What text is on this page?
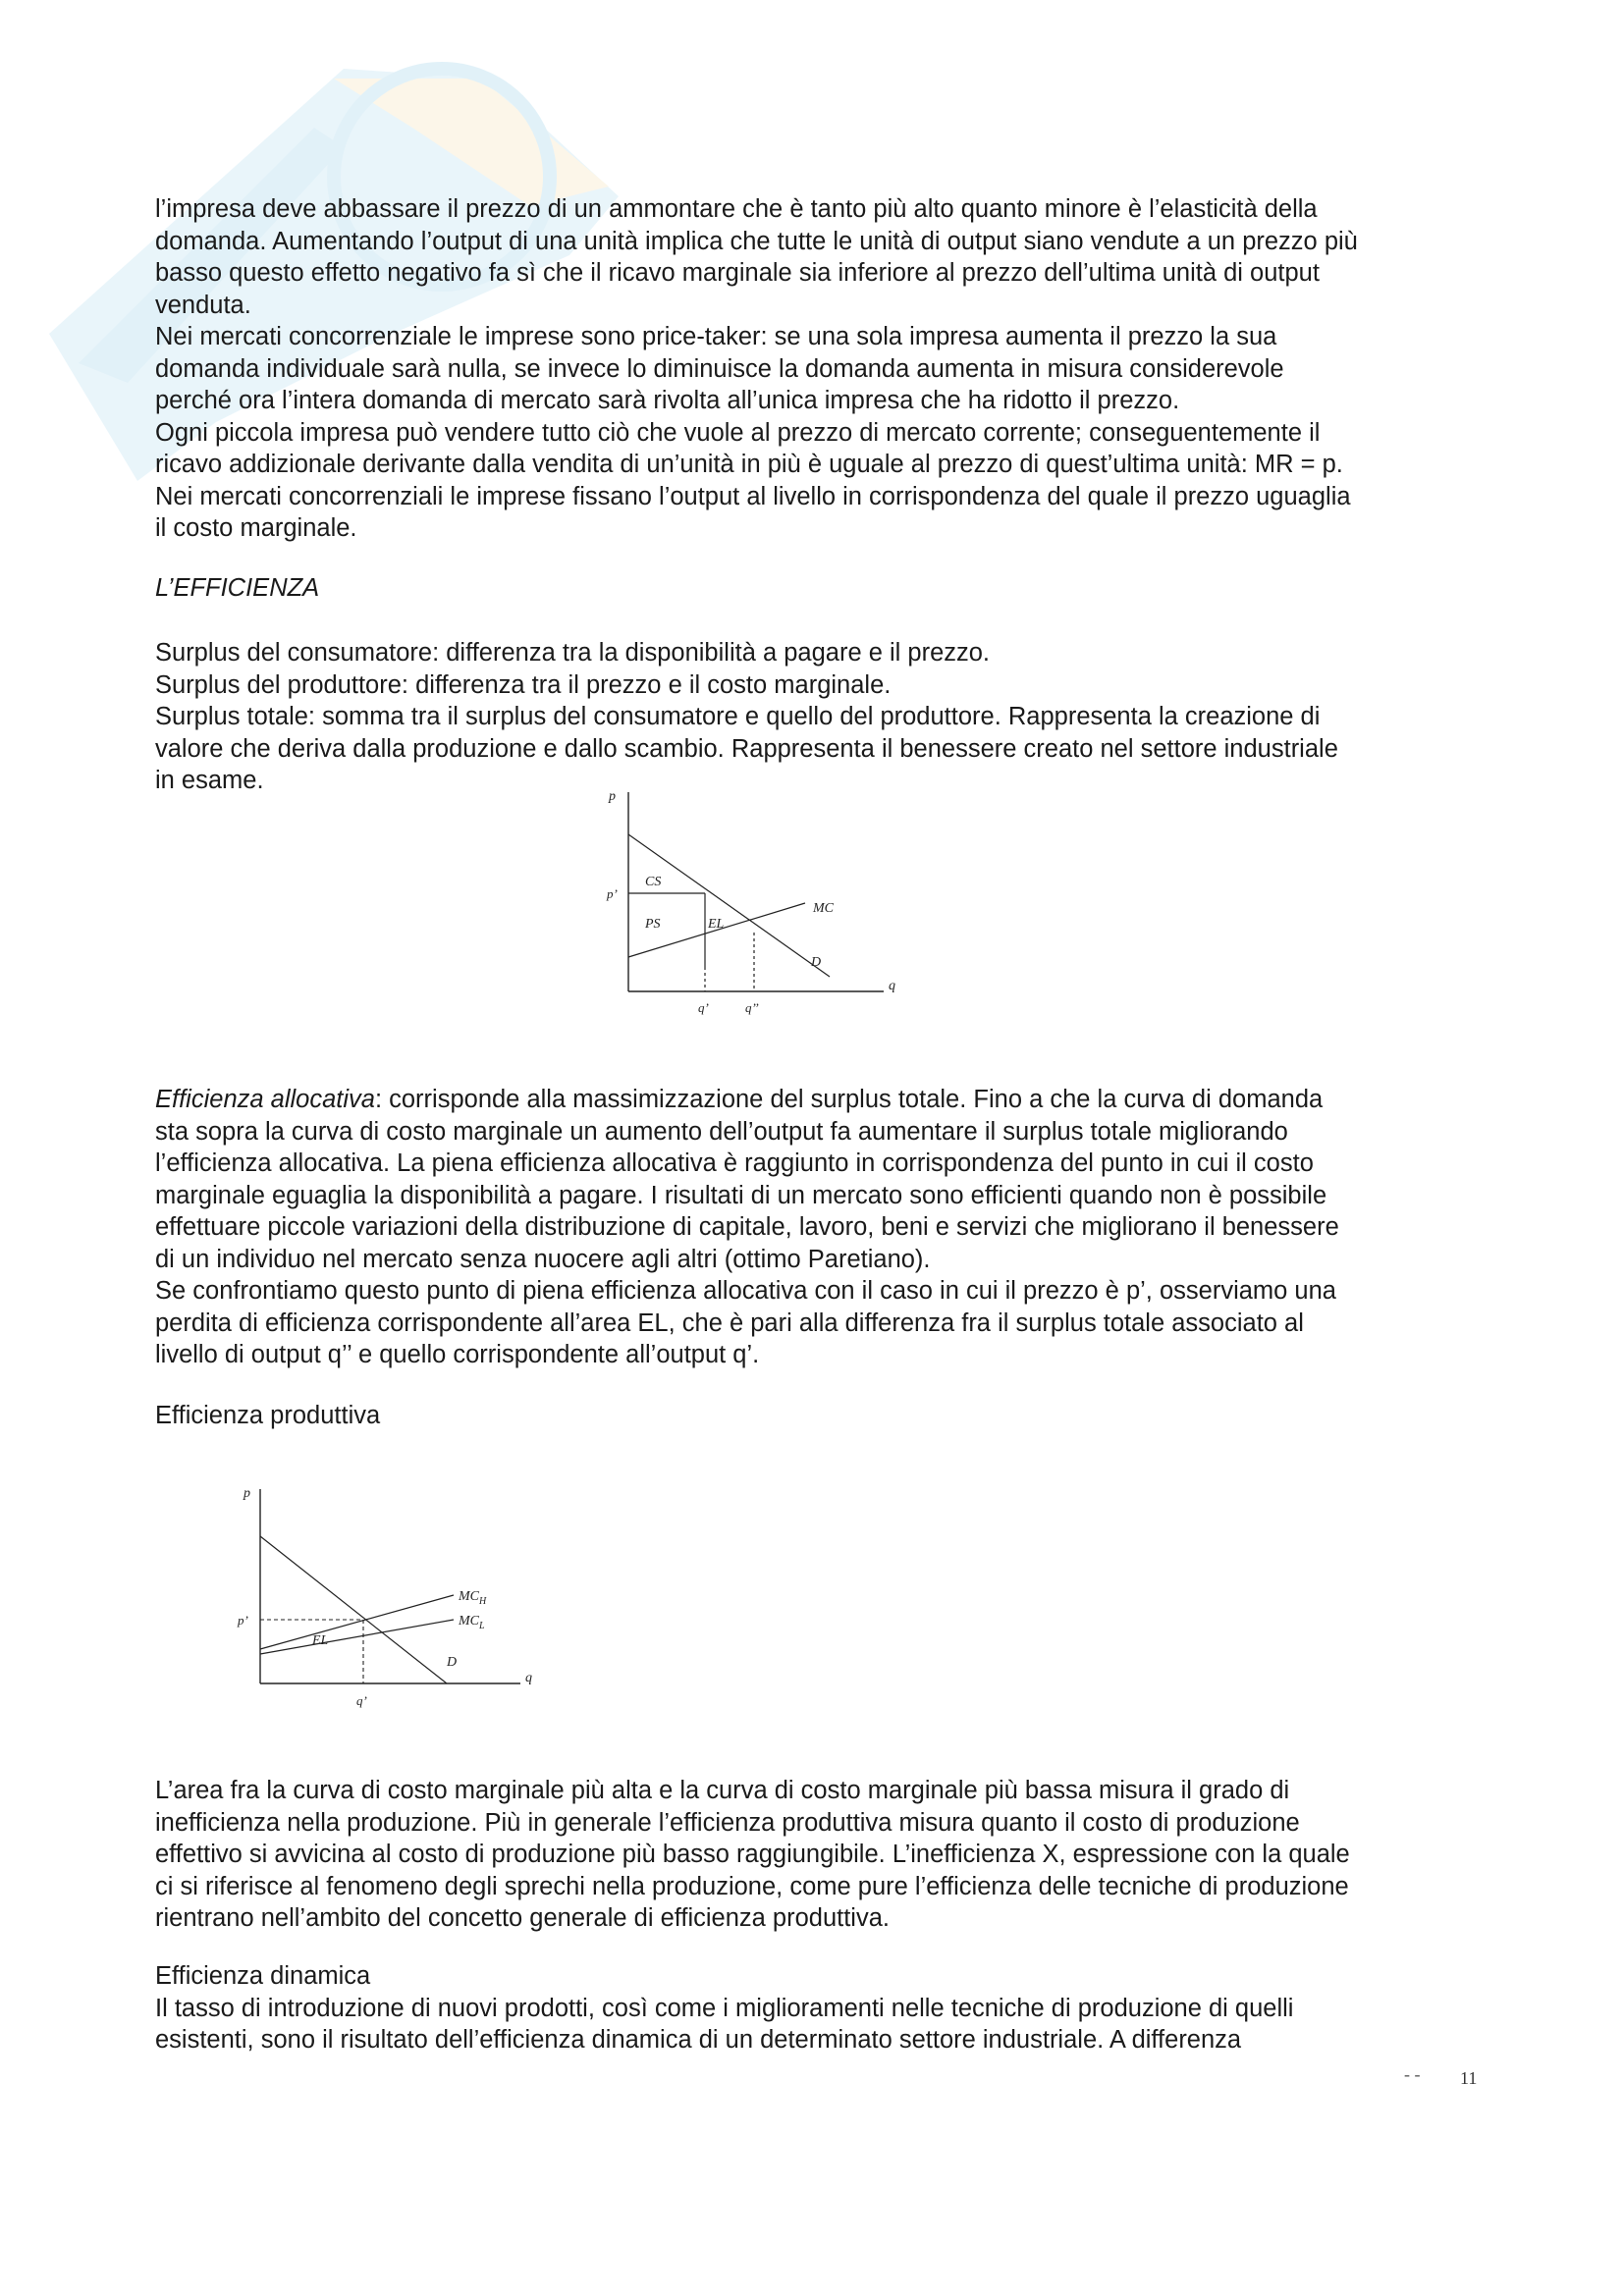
l’impresa deve abbassare il prezzo di un ammontare che è tanto più alto quanto minore è l’elasticità della

domanda. Aumentando l’output di una unità implica che tutte le unità di output siano vendute a un prezzo più

basso questo effetto negativo fa sì che il ricavo marginale sia inferiore al prezzo dell’ultima unità di output

venduta.

Nei mercati concorrenziale le imprese sono price-taker: se una sola impresa aumenta il prezzo la sua

domanda individuale sarà nulla, se invece lo diminuisce la domanda aumenta in misura considerevole

perché ora l’intera domanda di mercato sarà rivolta all’unica impresa che ha ridotto il prezzo.

Ogni piccola impresa può vendere tutto ciò che vuole al prezzo di mercato corrente; conseguentemente il

ricavo addizionale derivante dalla vendita di un’unità in più è uguale al prezzo di quest’ultima unità: MR = p.

Nei mercati concorrenziali le imprese fissano l’output al livello in corrispondenza del quale il prezzo uguaglia

il costo marginale.

L’EFFICIENZA

Surplus del consumatore: differenza tra la disponibilità a pagare e il prezzo.

Surplus del produttore: differenza tra il prezzo e il costo marginale.

Surplus totale: somma tra il surplus del consumatore e quello del produttore. Rappresenta la creazione di

valore che deriva dalla produzione e dallo scambio. Rappresenta il benessere creato nel settore industriale

in esame.

p
q
p’
CS
PS	EL
MC
D
q’	q’’

Efficienza allocativa: corrisponde alla massimizzazione del surplus totale. Fino a che la curva di domanda

sta sopra la curva di costo marginale un aumento dell’output fa aumentare il surplus totale migliorando

l’efficienza allocativa. La piena efficienza allocativa è raggiunto in corrispondenza del punto in cui il costo

marginale eguaglia la disponibilità a pagare. I risultati di un mercato sono efficienti quando non è possibile

effettuare piccole variazioni della distribuzione di capitale, lavoro, beni e servizi che migliorano il benessere

di un individuo nel mercato senza nuocere agli altri (ottimo Paretiano).

Se confrontiamo questo punto di piena efficienza allocativa con il caso in cui il prezzo è p’, osserviamo una

perdita di efficienza corrispondente all’area EL, che è pari alla differenza fra il surplus totale associato al

livello di output q’’ e quello corrispondente all’output q’.

Efficienza produttiva
p
q
p’
EL
$MC_H$
$MC_L$
D
q’

L’area fra la curva di costo marginale più alta e la curva di costo marginale più bassa misura il grado di

inefficienza nella produzione. Più in generale l’efficienza produttiva misura quanto il costo di produzione

effettivo si avvicina al costo di produzione più basso raggiungibile. L’inefficienza X, espressione con la quale

ci si riferisce al fenomeno degli sprechi nella produzione, come pure l’efficienza delle tecniche di produzione

rientrano nell’ambito del concetto generale di efficienza produttiva.

Efficienza dinamica

Il tasso di introduzione di nuovi prodotti, così come i miglioramenti nelle tecniche di produzione di quelli

esistenti, sono il risultato dell’efficienza dinamica di un determinato settore industriale. A differenza

- - 11
